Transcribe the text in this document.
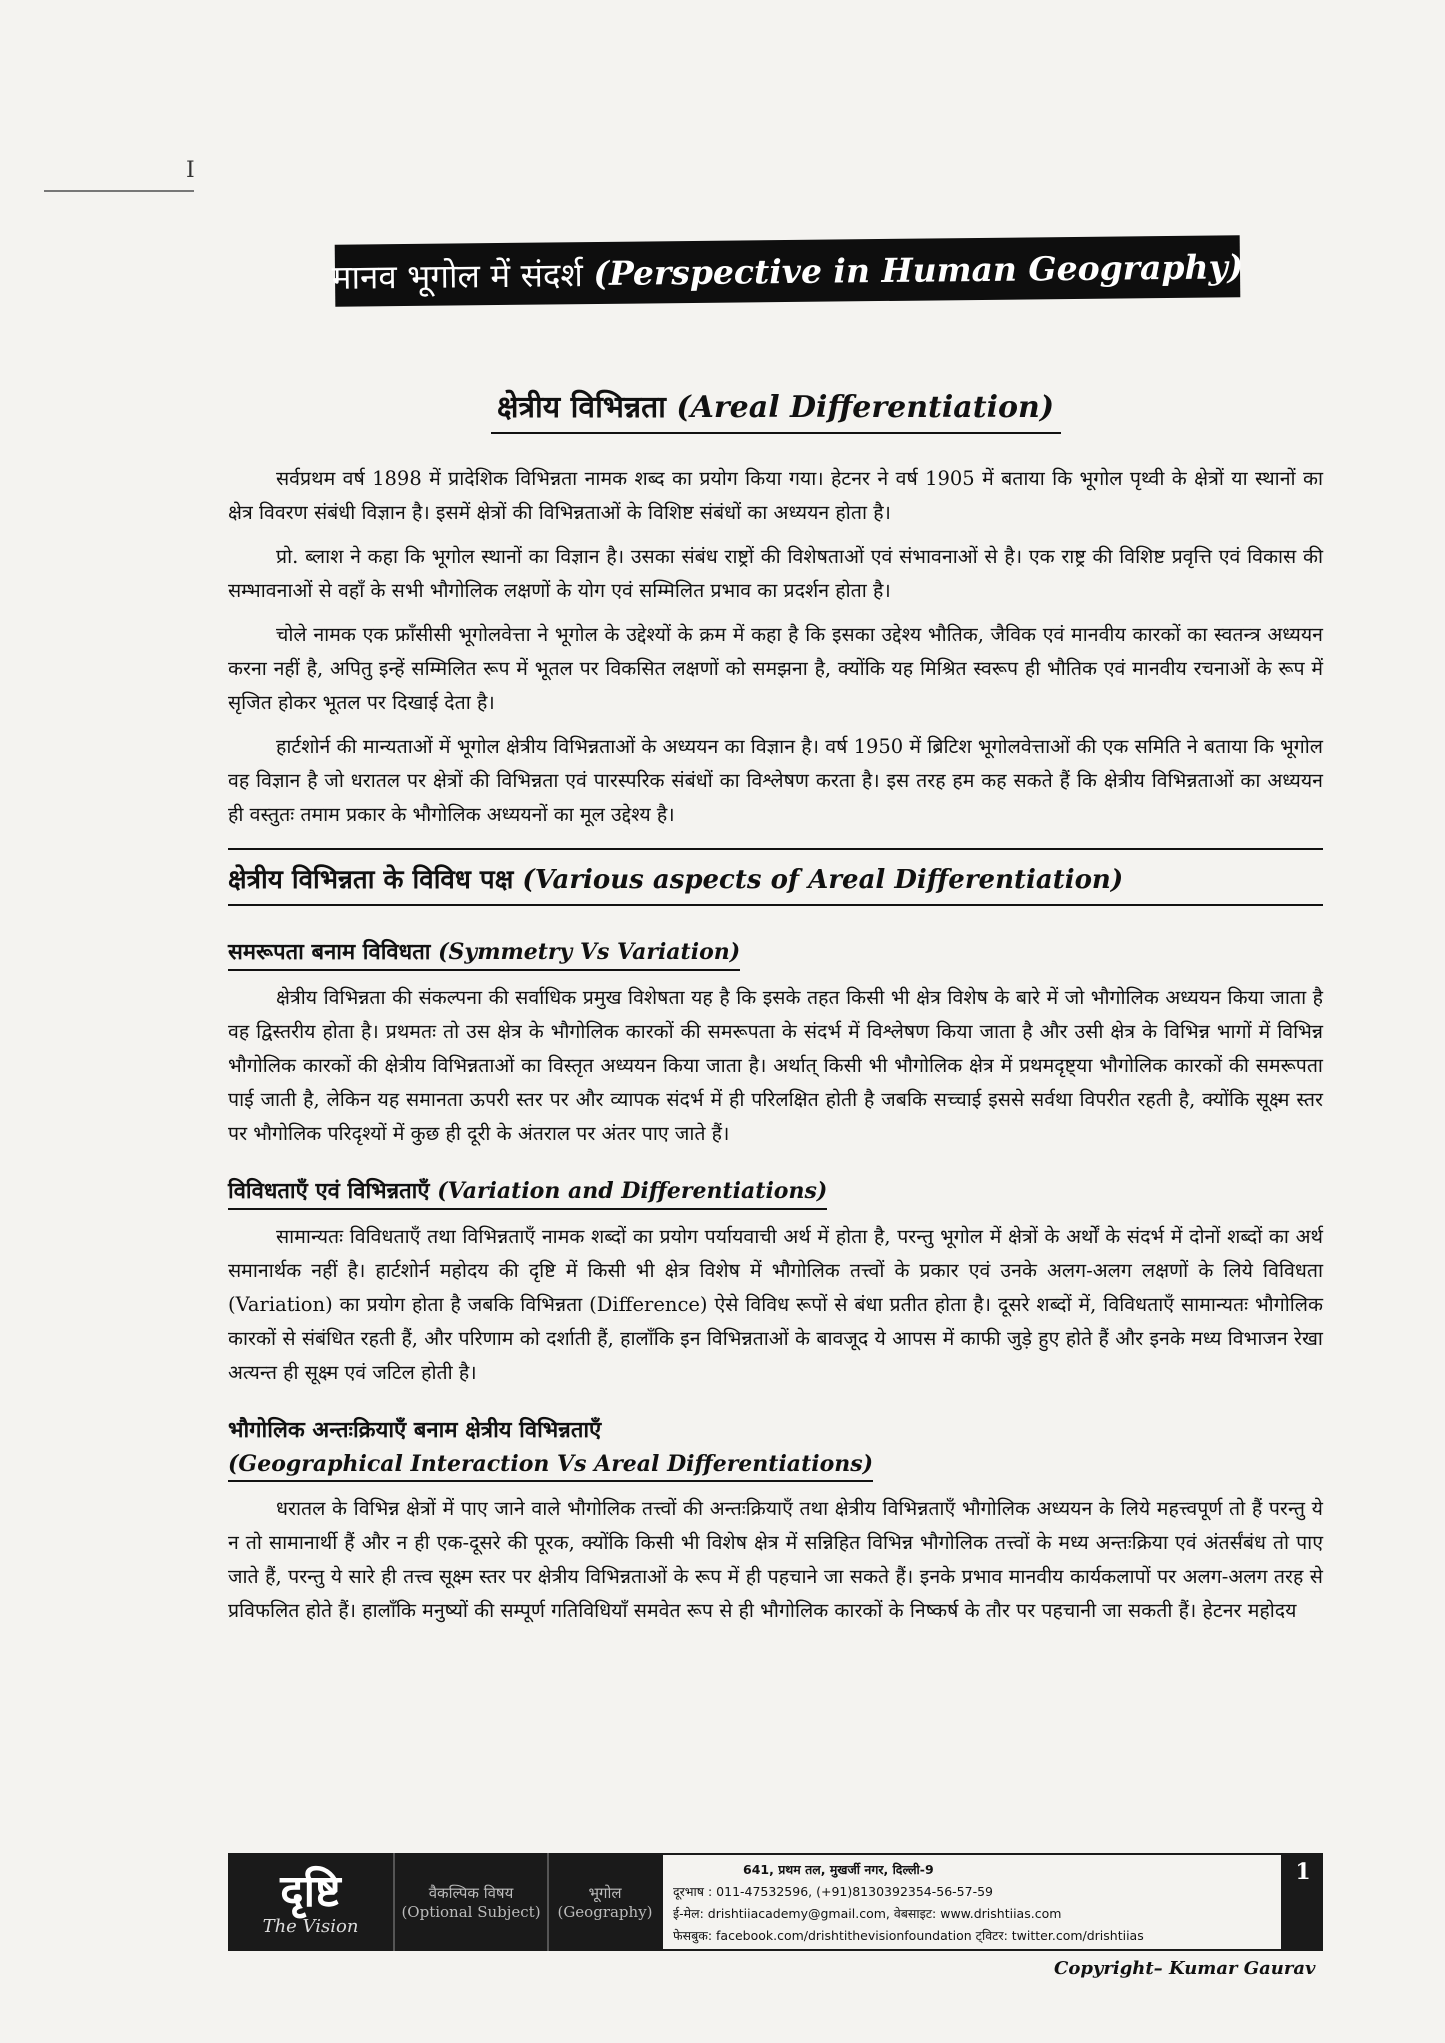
I
मानव भूगोल में संदर्श
(Perspective in Human Geography)
क्षेत्रीय विभिन्नता (Areal Differentiation)

सर्वप्रथम वर्ष 1898 में प्रादेशिक विभिन्नता नामक शब्द का प्रयोग किया गया। हेटनर ने वर्ष 1905 में बताया कि भूगोल पृथ्वी के क्षेत्रों या स्थानों का क्षेत्र विवरण संबंधी विज्ञान है। इसमें क्षेत्रों की विभिन्नताओं के विशिष्ट संबंधों का अध्ययन होता है।

प्रो. ब्लाश ने कहा कि भूगोल स्थानों का विज्ञान है। उसका संबंध राष्ट्रों की विशेषताओं एवं संभावनाओं से है। एक राष्ट्र की विशिष्ट प्रवृत्ति एवं विकास की सम्भावनाओं से वहाँ के सभी भौगोलिक लक्षणों के योग एवं सम्मिलित प्रभाव का प्रदर्शन होता है।

चोले नामक एक फ्राँसीसी भूगोलवेत्ता ने भूगोल के उद्देश्यों के क्रम में कहा है कि इसका उद्देश्य भौतिक, जैविक एवं मानवीय कारकों का स्वतन्त्र अध्ययन करना नहीं है, अपितु इन्हें सम्मिलित रूप में भूतल पर विकसित लक्षणों को समझना है, क्योंकि यह मिश्रित स्वरूप ही भौतिक एवं मानवीय रचनाओं के रूप में सृजित होकर भूतल पर दिखाई देता है।

हार्टशोर्न की मान्यताओं में भूगोल क्षेत्रीय विभिन्नताओं के अध्ययन का विज्ञान है। वर्ष 1950 में ब्रिटिश भूगोलवेत्ताओं की एक समिति ने बताया कि भूगोल वह विज्ञान है जो धरातल पर क्षेत्रों की विभिन्नता एवं पारस्परिक संबंधों का विश्लेषण करता है। इस तरह हम कह सकते हैं कि क्षेत्रीय विभिन्नताओं का अध्ययन ही वस्तुतः तमाम प्रकार के भौगोलिक अध्ययनों का मूल उद्देश्य है।

क्षेत्रीय विभिन्नता के विविध पक्ष (Various aspects of Areal Differentiation)
समरूपता बनाम विविधता (Symmetry Vs Variation)

क्षेत्रीय विभिन्नता की संकल्पना की सर्वाधिक प्रमुख विशेषता यह है कि इसके तहत किसी भी क्षेत्र विशेष के बारे में जो भौगोलिक अध्ययन किया जाता है वह द्विस्तरीय होता है। प्रथमतः तो उस क्षेत्र के भौगोलिक कारकों की समरूपता के संदर्भ में विश्लेषण किया जाता है और उसी क्षेत्र के विभिन्न भागों में विभिन्न भौगोलिक कारकों की क्षेत्रीय विभिन्नताओं का विस्तृत अध्ययन किया जाता है। अर्थात् किसी भी भौगोलिक क्षेत्र में प्रथमदृष्ट्या भौगोलिक कारकों की समरूपता पाई जाती है, लेकिन यह समानता ऊपरी स्तर पर और व्यापक संदर्भ में ही परिलक्षित होती है जबकि सच्चाई इससे सर्वथा विपरीत रहती है, क्योंकि सूक्ष्म स्तर पर भौगोलिक परिदृश्यों में कुछ ही दूरी के अंतराल पर अंतर पाए जाते हैं।

विविधताएँ एवं विभिन्नताएँ (Variation and Differentiations)

सामान्यतः विविधताएँ तथा विभिन्नताएँ नामक शब्दों का प्रयोग पर्यायवाची अर्थ में होता है, परन्तु भूगोल में क्षेत्रों के अर्थों के संदर्भ में दोनों शब्दों का अर्थ समानार्थक नहीं है। हार्टशोर्न महोदय की दृष्टि में किसी भी क्षेत्र विशेष में भौगोलिक तत्त्वों के प्रकार एवं उनके अलग-अलग लक्षणों के लिये विविधता (Variation) का प्रयोग होता है जबकि विभिन्नता (Difference) ऐसे विविध रूपों से बंधा प्रतीत होता है। दूसरे शब्दों में, विविधताएँ सामान्यतः भौगोलिक कारकों से संबंधित रहती हैं, और परिणाम को दर्शाती हैं, हालाँकि इन विभिन्नताओं के बावजूद ये आपस में काफी जुड़े हुए होते हैं और इनके मध्य विभाजन रेखा अत्यन्त ही सूक्ष्म एवं जटिल होती है।

भौगोलिक अन्तःक्रियाएँ बनाम क्षेत्रीय विभिन्नताएँ
(Geographical Interaction Vs Areal Differentiations)

धरातल के विभिन्न क्षेत्रों में पाए जाने वाले भौगोलिक तत्त्वों की अन्तःक्रियाएँ तथा क्षेत्रीय विभिन्नताएँ भौगोलिक अध्ययन के लिये महत्त्वपूर्ण तो हैं परन्तु ये न तो सामानार्थी हैं और न ही एक-दूसरे की पूरक, क्योंकि किसी भी विशेष क्षेत्र में सन्निहित विभिन्न भौगोलिक तत्त्वों के मध्य अन्तःक्रिया एवं अंतर्संबंध तो पाए जाते हैं, परन्तु ये सारे ही तत्त्व सूक्ष्म स्तर पर क्षेत्रीय विभिन्नताओं के रूप में ही पहचाने जा सकते हैं। इनके प्रभाव मानवीय कार्यकलापों पर अलग-अलग तरह से प्रविफलित होते हैं। हालाँकि मनुष्यों की सम्पूर्ण गतिविधियाँ समवेत रूप से ही भौगोलिक कारकों के निष्कर्ष के तौर पर पहचानी जा सकती हैं। हेटनर महोदय

दृष्टि
The Vision
वैकल्पिक विषय
(Optional Subject)
भूगोल
(Geography)
641, प्रथम तल, मुखर्जी नगर, दिल्ली-9
दूरभाष : 011-47532596, (+91)8130392354-56-57-59
ई-मेल: drishtiiacademy@gmail.com, वेबसाइट: www.drishtiias.com
फेसबुक: facebook.com/drishtithevisionfoundation ट्विटर: twitter.com/drishtiias
1
Copyright– Kumar Gaurav
